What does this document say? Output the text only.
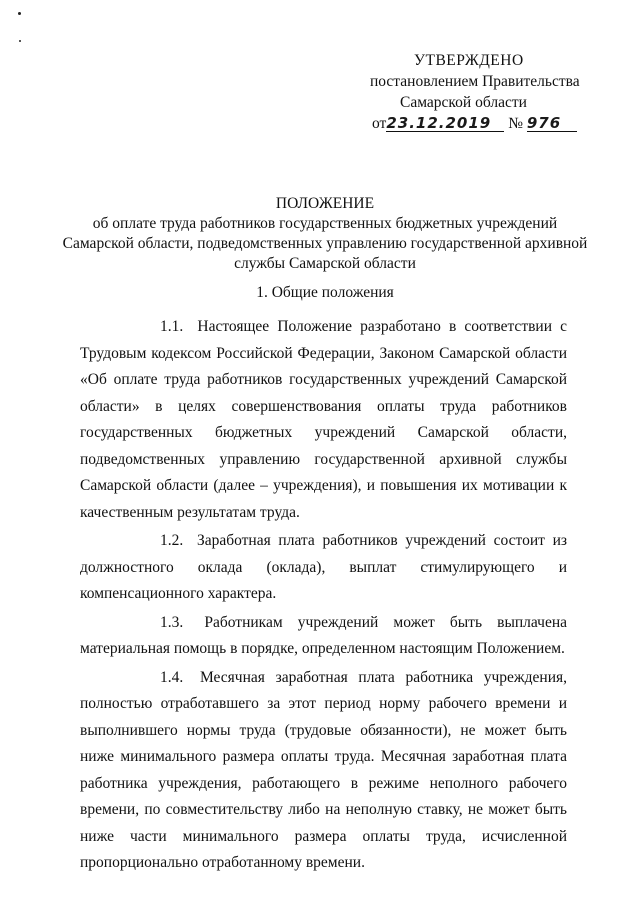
УТВЕРЖДЕНО
постановлением Правительства
Самарской области
от23.12.2019 № 976
ПОЛОЖЕНИЕ
об оплате труда работников государственных бюджетных учреждений Самарской области, подведомственных управлению государственной архивной службы Самарской области
1. Общие положения
1.1. Настоящее Положение разработано в соответствии с Трудовым кодексом Российской Федерации, Законом Самарской области «Об оплате труда работников государственных учреждений Самарской области» в целях совершенствования оплаты труда работников государственных бюджетных учреждений Самарской области, подведомственных управлению государственной архивной службы Самарской области (далее – учреждения), и повышения их мотивации к качественным результатам труда.
1.2. Заработная плата работников учреждений состоит из должностного оклада (оклада), выплат стимулирующего и компенсационного характера.
1.3. Работникам учреждений может быть выплачена материальная помощь в порядке, определенном настоящим Положением.
1.4. Месячная заработная плата работника учреждения, полностью отработавшего за этот период норму рабочего времени и выполнившего нормы труда (трудовые обязанности), не может быть ниже минимального размера оплаты труда. Месячная заработная плата работника учреждения, работающего в режиме неполного рабочего времени, по совместительству либо на неполную ставку, не может быть ниже части минимального размера оплаты труда, исчисленной пропорционально отработанному времени.
